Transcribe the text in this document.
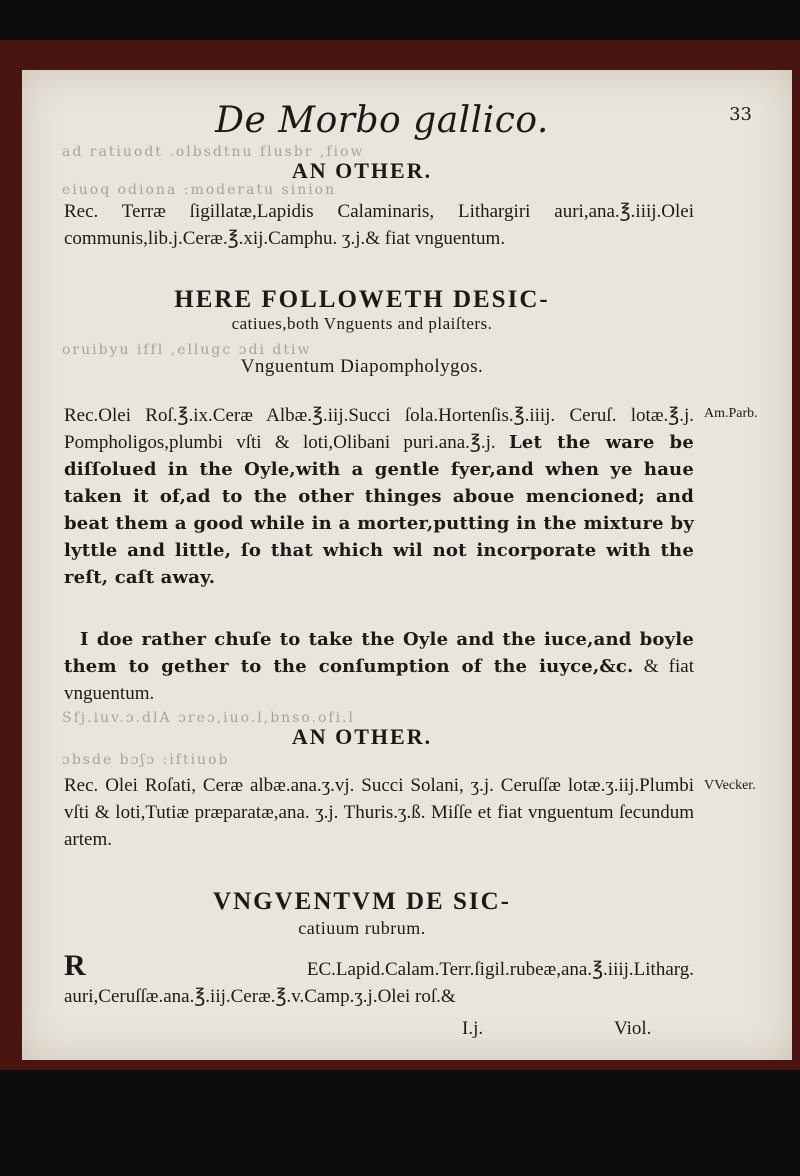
De Morbo gallico.	33
ad ratiuodt .olbsdtnu flusbr ,fiow
AN OTHER.
eiuoq odiona :moderatu sinion
Rec. Terræ ſigillatæ,Lapidis Calaminaris, Lithargiri auri,ana.℥.iiij.Olei communis,lib.j.Ceræ.℥.xij.Camphu. ʒ.j.& fiat vnguentum.
HERE FOLLOWETH DESIC-
catiues,both Vnguents and plaiſters.
oruibyu iffl ,ellugc ɔdi dtiw
Vnguentum Diapompholygos.
Rec.Olei Roſ.℥.ix.Ceræ Albæ.℥.iij.Succi ſola.Hortenſis.℥.iiij. Ceruſ. lotæ.℥.j. Pompholigos,plumbi vſti & loti,Olibani puri.ana.℥.j. Let the ware be diſſolued in the Oyle,with a gentle fyer,and when ye haue taken it of,ad to the other thinges aboue mencioned; and beat them a good while in a morter,putting in the mixture by lyttle and little, ſo that which wil not incorporate with the reſt, caſt away.
Am.Parb.
I doe rather chuſe to take the Oyle and the iuce,and boyle them to gether to the conſumption of the iuyce,&c. & fiat vnguentum.
Sfj.iuv.ɔ.dlA ɔreɔ,iuo.l,bnso.ofi.l
AN OTHER.
ɔbsde bɔʃɔ :iftiuob
Rec. Olei Roſati, Ceræ albæ.ana.ʒ.vj. Succi Solani, ʒ.j. Ceruſſæ lotæ.ʒ.iij.Plumbi vſti & loti,Tutiæ præparatæ,ana. ʒ.j. Thuris.ʒ.ß. Miſſe et fiat vnguentum ſecundum artem.
VVecker.
VNGVENTVM DE SIC-
catiuum rubrum.
R	EC.Lapid.Calam.Terr.ſigil.rubeæ,ana.℥.iiij.Litharg. auri,Ceruſſæ.ana.℥.iij.Ceræ.℥.v.Camp.ʒ.j.Olei roſ.&
I.j.	Viol.
